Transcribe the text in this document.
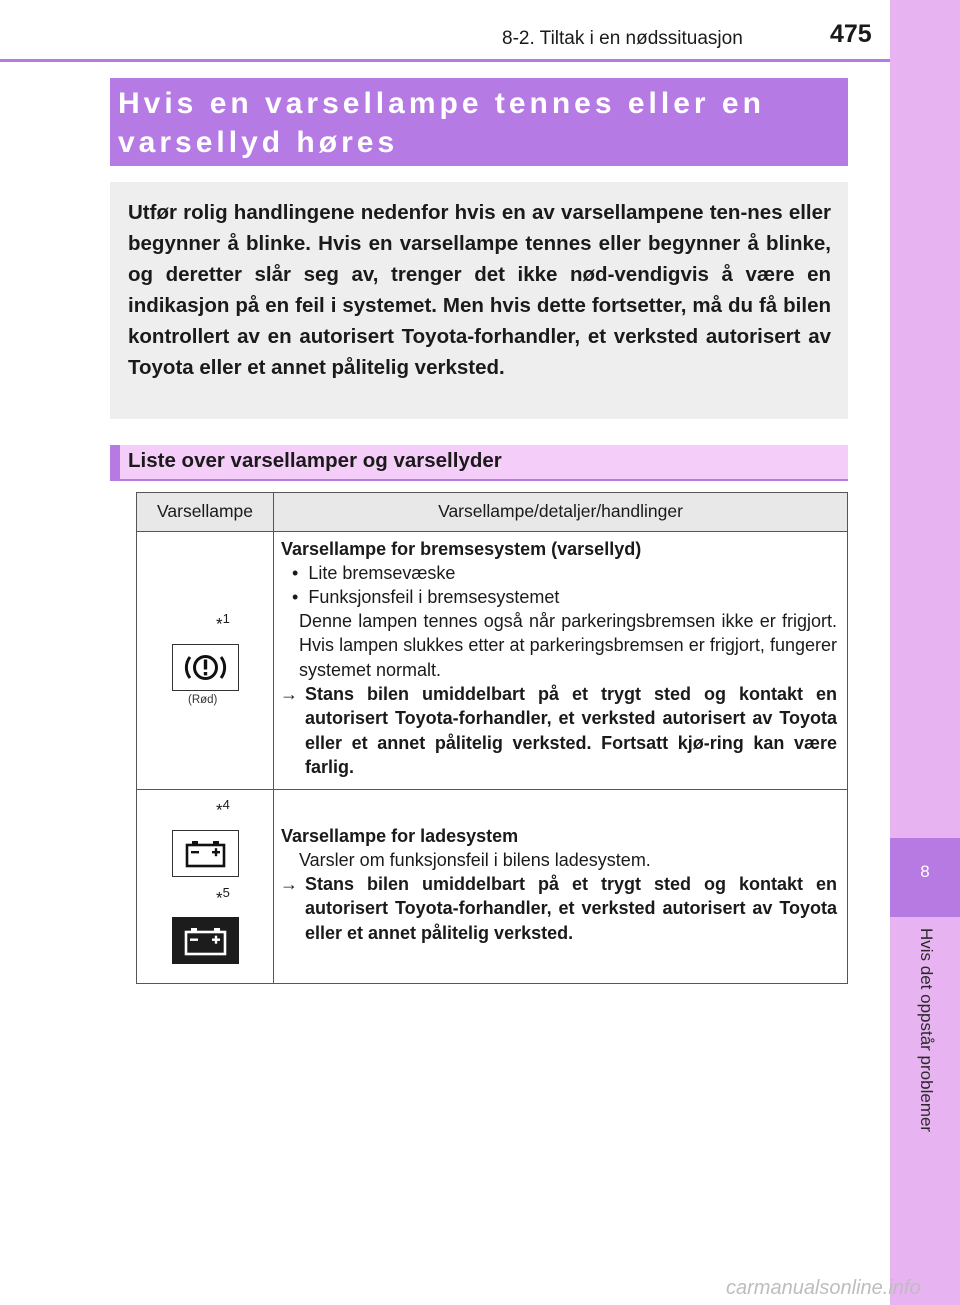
8
Hvis det oppstår problemer
8-2. Tiltak i en nødssituasjon	475
Hvis en varsellampe tennes eller en varsellyd høres

Utfør rolig handlingene nedenfor hvis en av varsellampene ten-nes eller begynner å blinke. Hvis en varsellampe tennes eller begynner å blinke, og deretter slår seg av, trenger det ikke nød-vendigvis å være en indikasjon på en feil i systemet. Men hvis dette fortsetter, må du få bilen kontrollert av en autorisert Toyota-forhandler, et verksted autorisert av Toyota eller et annet pålitelig verksted.

Liste over varsellamper og varsellyder
Varsellampe	Varsellampe/detaljer/handlinger
*$^1$
(Rød)
Varsellampe for bremsesystem (varsellyd)
• Lite bremsevæske
• Funksjonsfeil i bremsesystemet
Denne lampen tennes også når parkeringsbremsen ikke er frigjort. Hvis lampen slukkes etter at parkeringsbremsen er frigjort, fungerer systemet normalt.
→ Stans bilen umiddelbart på et trygt sted og kontakt en autorisert Toyota-forhandler, et verksted autorisert av Toyota eller et annet pålitelig verksted. Fortsatt kjø-ring kan være farlig.
*$^4$
*$^5$
Varsellampe for ladesystem
Varsler om funksjonsfeil i bilens ladesystem.
→ Stans bilen umiddelbart på et trygt sted og kontakt en autorisert Toyota-forhandler, et verksted autorisert av Toyota eller et annet pålitelig verksted.
carmanualsonline.info
